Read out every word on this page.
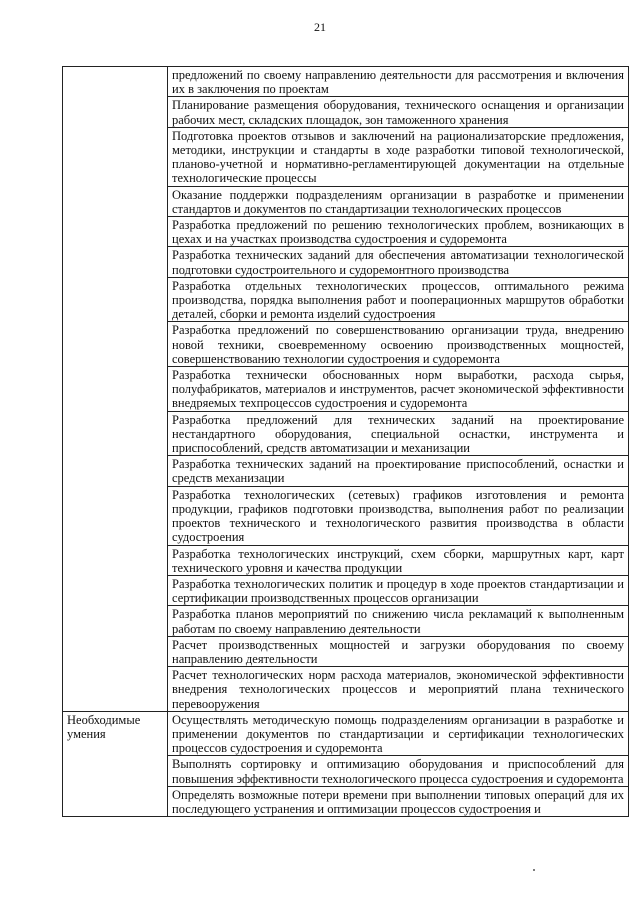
21

	предложений по своему направлению деятельности для рассмотрения и включения их в заключения по проектам

	Планирование размещения оборудования, технического оснащения и организации рабочих мест, складских площадок, зон таможенного хранения

	Подготовка проектов отзывов и заключений на рационализаторские предложения, методики, инструкции и стандарты в ходе разработки типовой технологической, планово-учетной и нормативно-регламентирующей документации на отдельные технологические процессы

	Оказание поддержки подразделениям организации в разработке и применении стандартов и документов по стандартизации технологических процессов

	Разработка предложений по решению технологических проблем, возникающих в цехах и на участках производства судостроения и судоремонта

	Разработка технических заданий для обеспечения автоматизации технологической подготовки судостроительного и судоремонтного производства

	Разработка отдельных технологических процессов, оптимального режима производства, порядка выполнения работ и пооперационных маршрутов обработки деталей, сборки и ремонта изделий судостроения

	Разработка предложений по совершенствованию организации труда, внедрению новой техники, своевременному освоению производственных мощностей, совершенствованию технологии судостроения и судоремонта

	Разработка технически обоснованных норм выработки, расхода сырья, полуфабрикатов, материалов и инструментов, расчет экономической эффективности внедряемых техпроцессов судостроения и судоремонта

	Разработка предложений для технических заданий на проектирование нестандартного оборудования, специальной оснастки, инструмента и приспособлений, средств автоматизации и механизации

	Разработка технических заданий на проектирование приспособлений, оснастки и средств механизации

	Разработка технологических (сетевых) графиков изготовления и ремонта продукции, графиков подготовки производства, выполнения работ по реализации проектов технического и технологического развития производства в области судостроения

	Разработка технологических инструкций, схем сборки, маршрутных карт, карт технического уровня и качества продукции

	Разработка технологических политик и процедур в ходе проектов стандартизации и сертификации производственных процессов организации

	Разработка планов мероприятий по снижению числа рекламаций к выполненным работам по своему направлению деятельности

	Расчет производственных мощностей и загрузки оборудования по своему направлению деятельности

	Расчет технологических норм расхода материалов, экономической эффективности внедрения технологических процессов и мероприятий плана технического перевооружения

Необходимые умения	Осуществлять методическую помощь подразделениям организации в разработке и применении документов по стандартизации и сертификации технологических процессов судостроения и судоремонта

	Выполнять сортировку и оптимизацию оборудования и приспособлений для повышения эффективности технологического процесса судостроения и судоремонта

	Определять возможные потери времени при выполнении типовых операций для их последующего устранения и оптимизации процессов судостроения и
